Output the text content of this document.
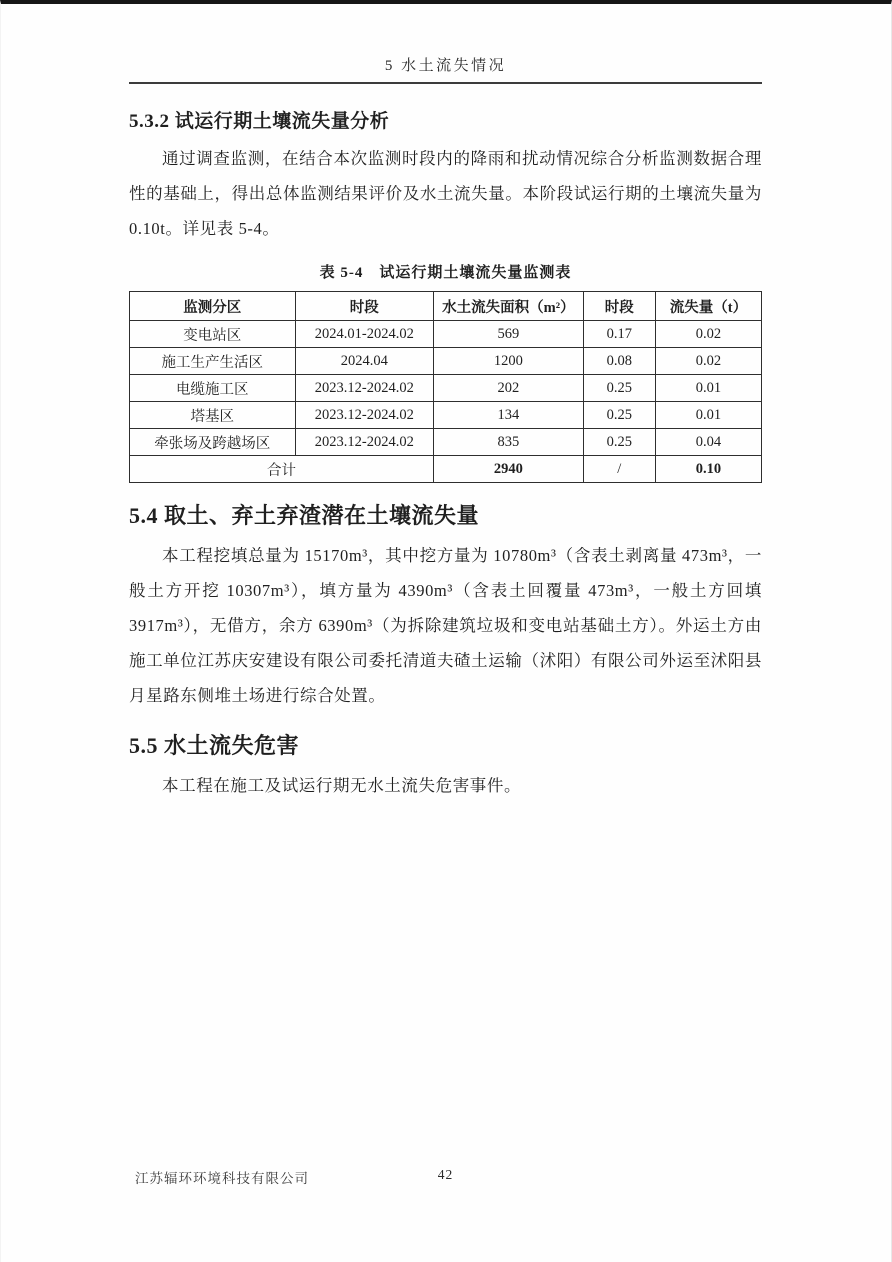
5 水土流失情况
5.3.2 试运行期土壤流失量分析

通过调查监测，在结合本次监测时段内的降雨和扰动情况综合分析监测数据合理性的基础上，得出总体监测结果评价及水土流失量。本阶段试运行期的土壤流失量为 0.10t。详见表 5-4。

表 5-4　试运行期土壤流失量监测表
监测分区	时段	水土流失面积（m²）	时段	流失量（t）
变电站区	2024.01-2024.02	569	0.17	0.02
施工生产生活区	2024.04	1200	0.08	0.02
电缆施工区	2023.12-2024.02	202	0.25	0.01
塔基区	2023.12-2024.02	134	0.25	0.01
牵张场及跨越场区	2023.12-2024.02	835	0.25	0.04
合计		2940	/	0.10
5.4 取土、弃土弃渣潜在土壤流失量

本工程挖填总量为 15170m³，其中挖方量为 10780m³（含表土剥离量 473m³，一般土方开挖 10307m³），填方量为 4390m³（含表土回覆量 473m³，一般土方回填 3917m³），无借方，余方 6390m³（为拆除建筑垃圾和变电站基础土方）。外运土方由施工单位江苏庆安建设有限公司委托清道夫碴土运输（沭阳）有限公司外运至沭阳县月星路东侧堆土场进行综合处置。

5.5 水土流失危害

本工程在施工及试运行期无水土流失危害事件。

江苏辐环环境科技有限公司	42
